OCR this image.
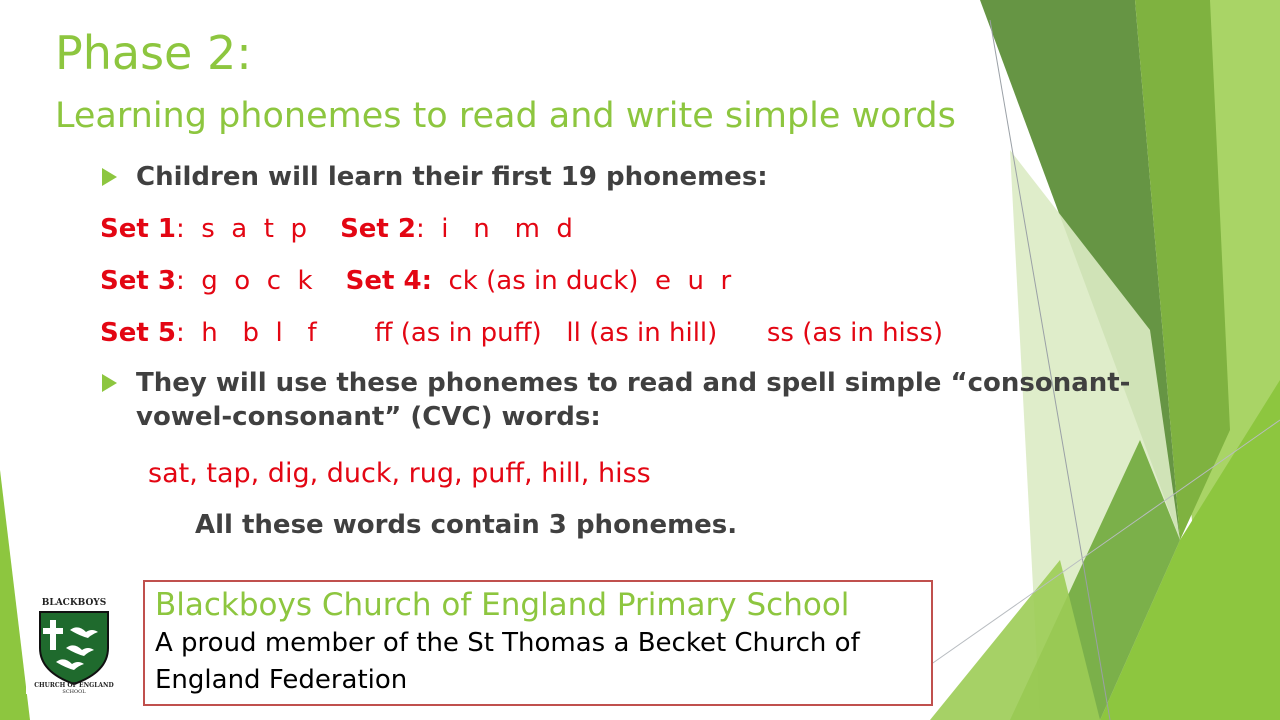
Phase 2:
Learning phonemes to read and write simple words
Children will learn their first 19 phonemes:
Set 1:  s  a  t  p Set 2:  i   n   m  d
Set 3:  g  o  c  k Set 4:  ck (as in duck)  e  u  r
Set 5:  h   b  l   f       ff (as in puff)   ll (as in hill)      ss (as in hiss)
They will use these phonemes to read and spell simple “consonant-vowel-consonant” (CVC) words:
sat, tap, dig, duck, rug, puff, hill, hiss
All these words contain 3 phonemes.
BLACKBOYS
CHURCH OF ENGLAND
SCHOOL
Blackboys Church of England Primary School
A proud member of the St Thomas a Becket Church of England Federation
